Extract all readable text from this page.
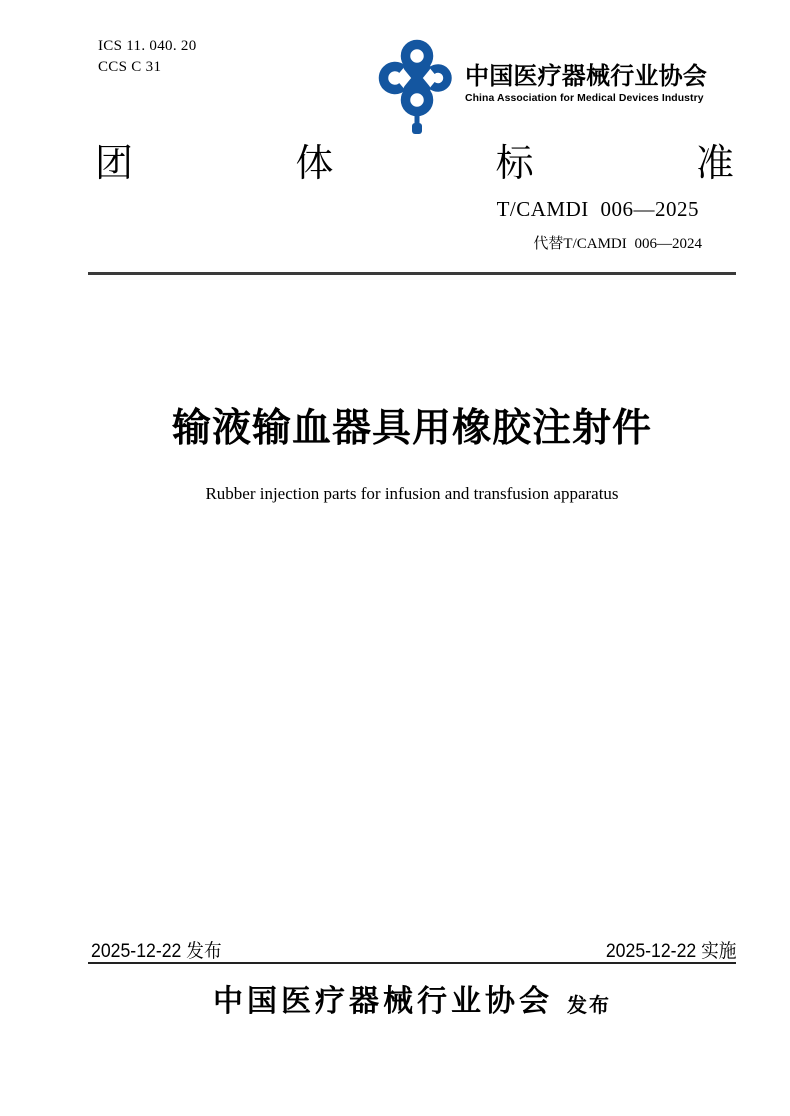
ICS 11. 040. 20
CCS C 31	中国医疗器械行业协会
China Association for Medical Devices Industry
团	体	标	准
T/CAMDI 006—2025
代替T/CAMDI 006—2024
输液输血器具用橡胶注射件
Rubber injection parts for infusion and transfusion apparatus
2025-12-22 发布	2025-12-22 实施
中国医疗器械行业协会 发布
